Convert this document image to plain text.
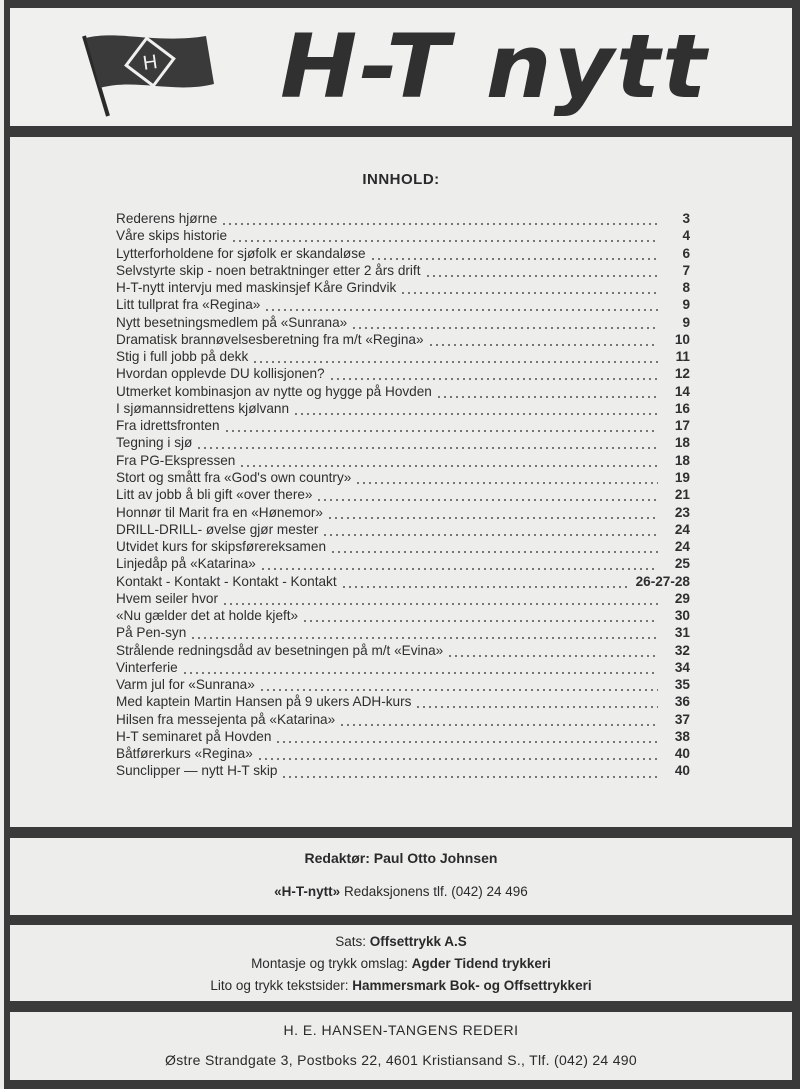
H H-T nytt
INNHOLD:
Rederens hjørne	3
Våre skips historie	4
Lytterforholdene for sjøfolk er skandaløse	6
Selvstyrte skip - noen betraktninger etter 2 års drift	7
H-T-nytt intervju med maskinsjef Kåre Grindvik	8
Litt tullprat fra «Regina»	9
Nytt besetningsmedlem på «Sunrana»	9
Dramatisk brannøvelsesberetning fra m/t «Regina»	10
Stig i full jobb på dekk	11
Hvordan opplevde DU kollisjonen?	12
Utmerket kombinasjon av nytte og hygge på Hovden	14
I sjømannsidrettens kjølvann	16
Fra idrettsfronten	17
Tegning i sjø	18
Fra PG-Ekspressen	18
Stort og smått fra «God's own country»	19
Litt av jobb å bli gift «over there»	21
Honnør til Marit fra en «Hønemor»	23
DRILL-DRILL- øvelse gjør mester	24
Utvidet kurs for skipsførereksamen	24
Linjedåp på «Katarina»	25
Kontakt - Kontakt - Kontakt - Kontakt	26-27-28
Hvem seiler hvor	29
«Nu gælder det at holde kjeft»	30
På Pen-syn	31
Strålende redningsdåd av besetningen på m/t «Evina»	32
Vinterferie	34
Varm jul for «Sunrana»	35
Med kaptein Martin Hansen på 9 ukers ADH-kurs	36
Hilsen fra messejenta på «Katarina»	37
H-T seminaret på Hovden	38
Båtførerkurs «Regina»	40
Sunclipper — nytt H-T skip	40
Redaktør: Paul Otto Johnsen
«H-T-nytt» Redaksjonens tlf. (042) 24 496
Sats: Offsettrykk A.S
Montasje og trykk omslag: Agder Tidend trykkeri
Lito og trykk tekstsider: Hammersmark Bok- og Offsettrykkeri
H. E. HANSEN-TANGENS REDERI
Østre Strandgate 3, Postboks 22, 4601 Kristiansand S., Tlf. (042) 24 490
